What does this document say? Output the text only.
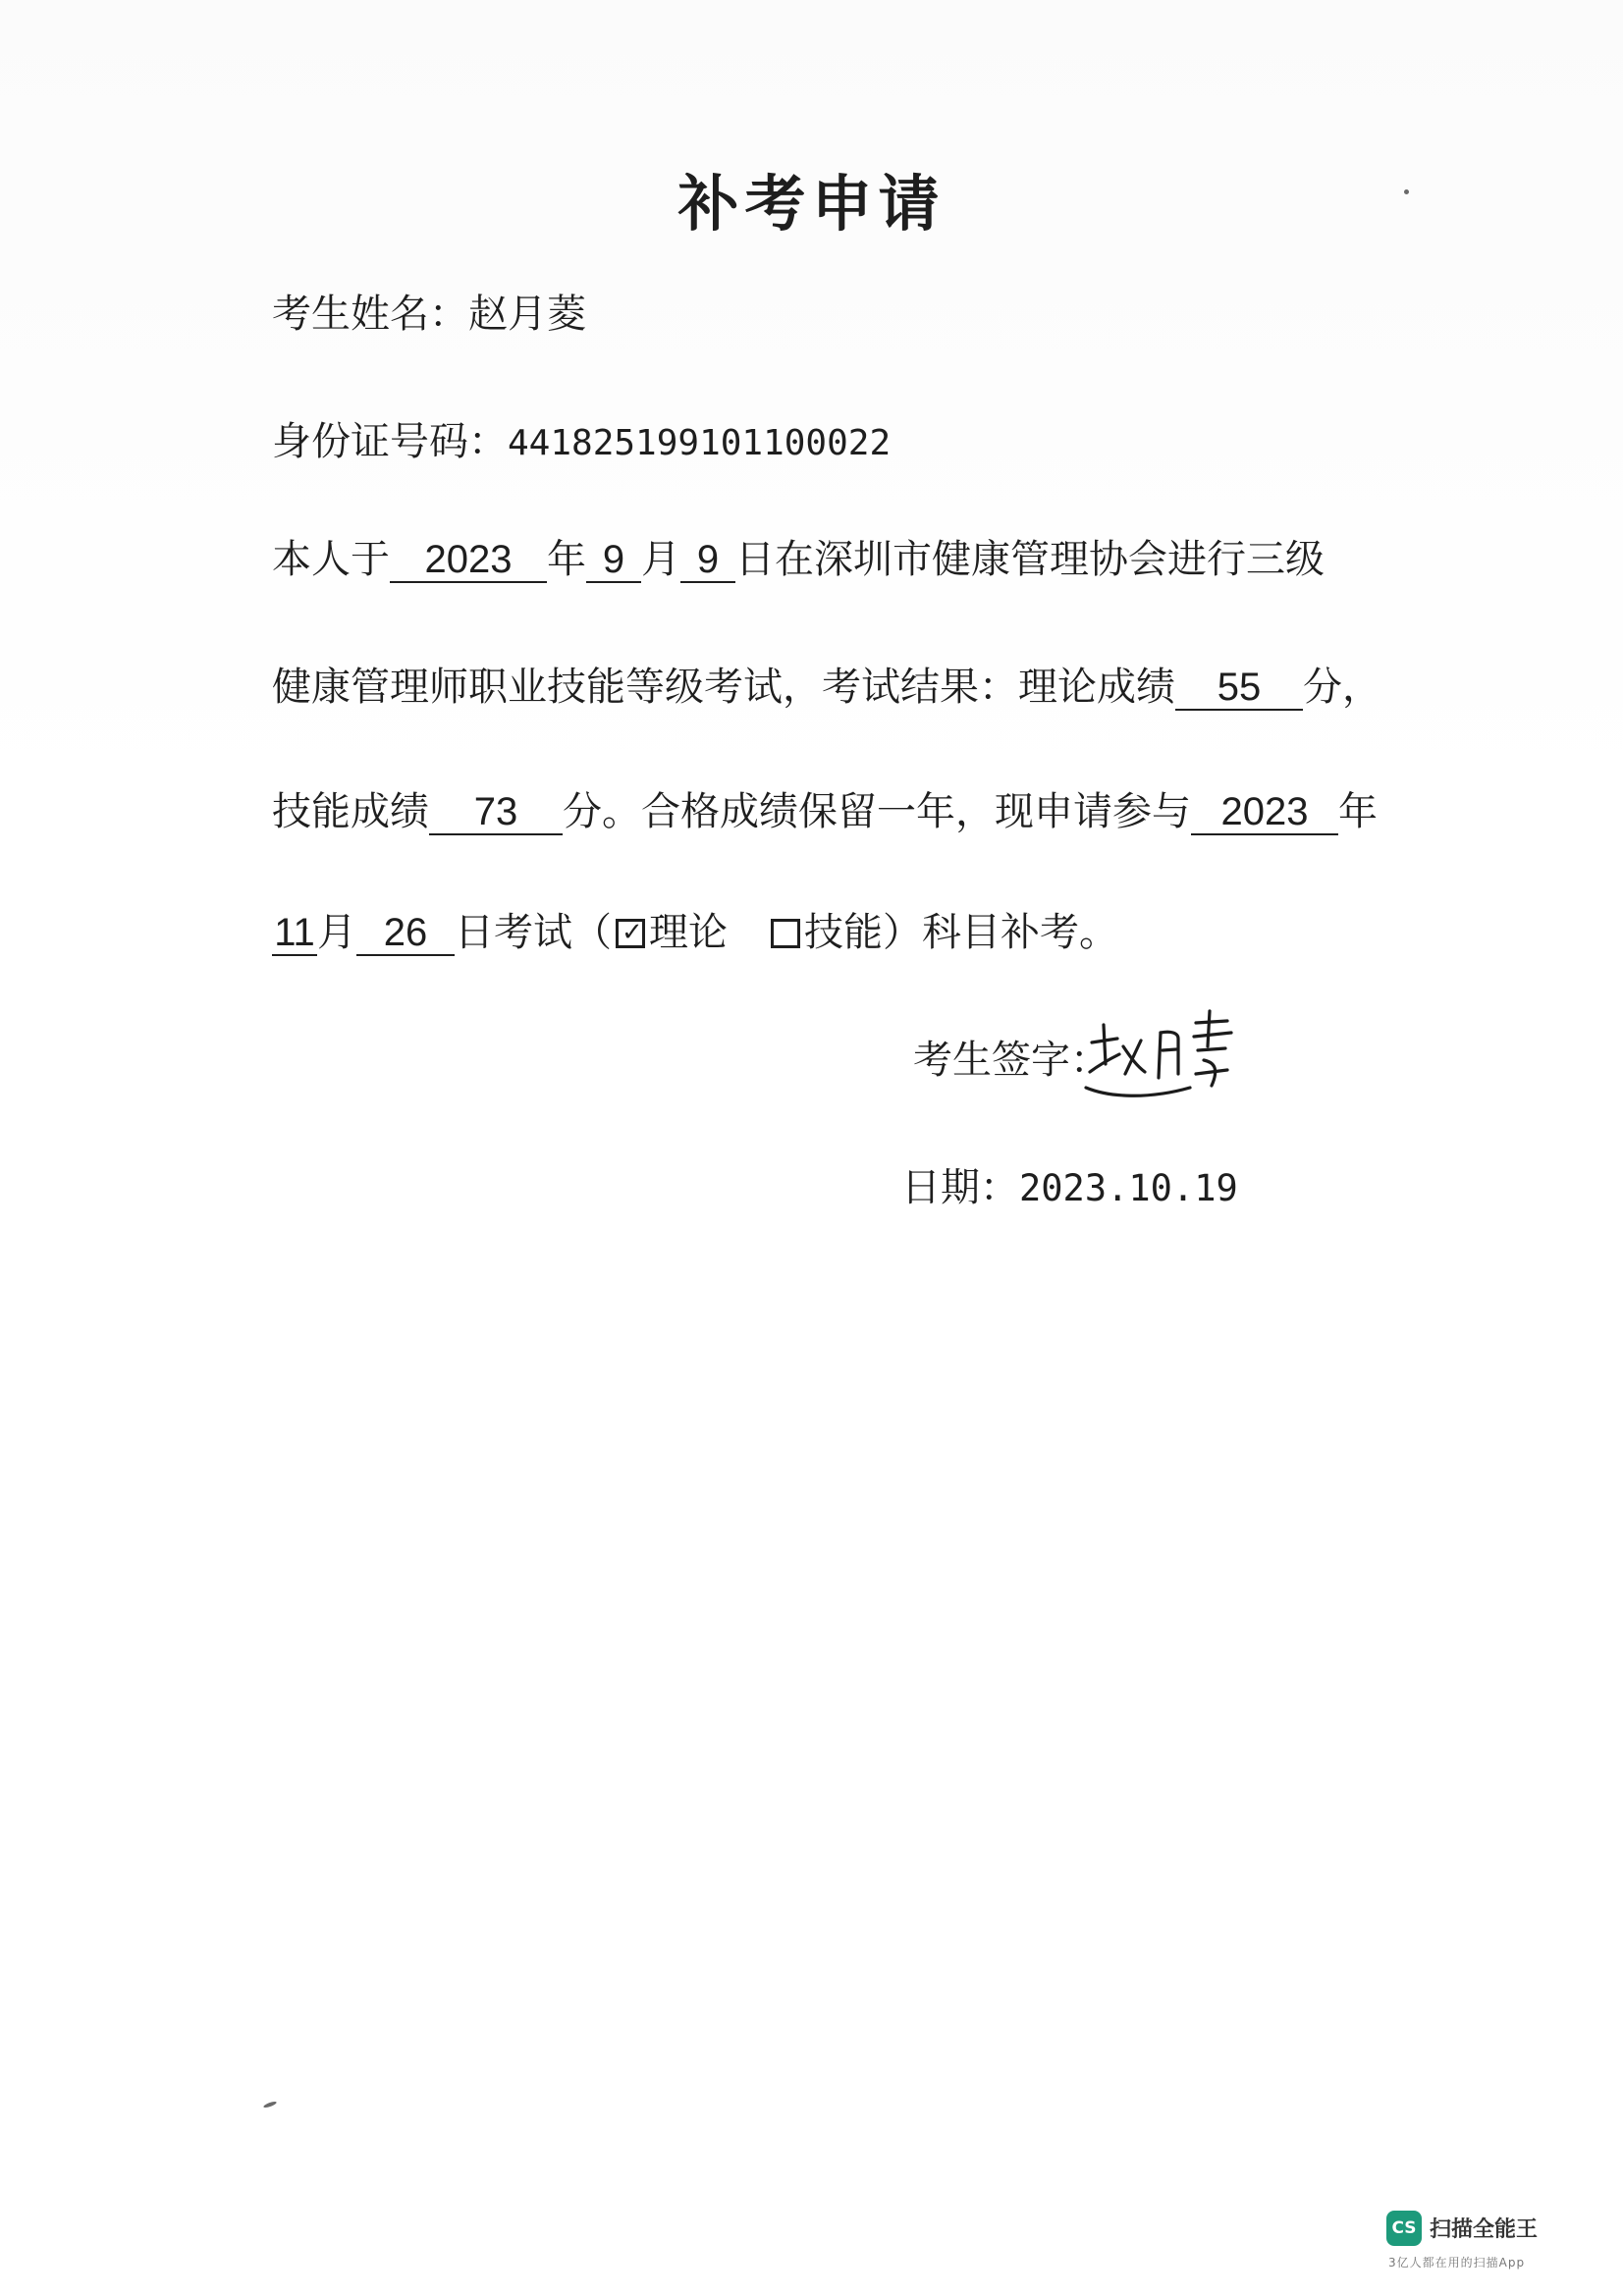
补考申请
考生姓名：赵月菱
身份证号码：441825199101100022
本人于 2023 年 9 月 9 日在深圳市健康管理协会进行三级
健康管理师职业技能等级考试，考试结果：理论成绩 55 分，
技能成绩 73 分。合格成绩保留一年，现申请参与 2023 年
11月 26 日考试（ ✓ 理论 技能）科目补考。
考生签字：
日期：2023.10.19
CS 扫描全能王
3亿人都在用的扫描App
